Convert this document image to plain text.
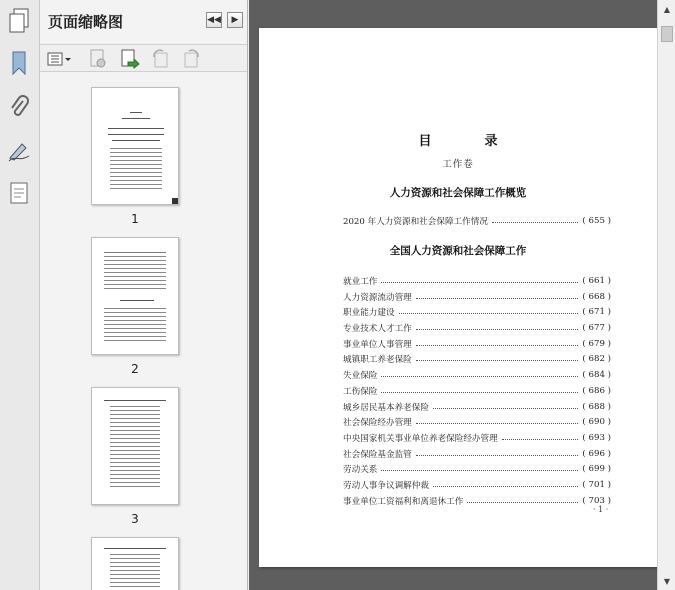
页面缩略图	◀◀	▶
1
2
3
目　录
工作卷
人力资源和社会保障工作概览
2020 年人力资源和社会保障工作情况	( 655 )
全国人力资源和社会保障工作
就业工作	( 661 )
人力资源流动管理	( 668 )
职业能力建设	( 671 )
专业技术人才工作	( 677 )
事业单位人事管理	( 679 )
城镇职工养老保险	( 682 )
失业保险	( 684 )
工伤保险	( 686 )
城乡居民基本养老保险	( 688 )
社会保险经办管理	( 690 )
中央国家机关事业单位养老保险经办管理	( 693 )
社会保险基金监管	( 696 )
劳动关系	( 699 )
劳动人事争议调解仲裁	( 701 )
事业单位工资福利和离退休工作	( 703 )
· 1 ·
▲
▼
